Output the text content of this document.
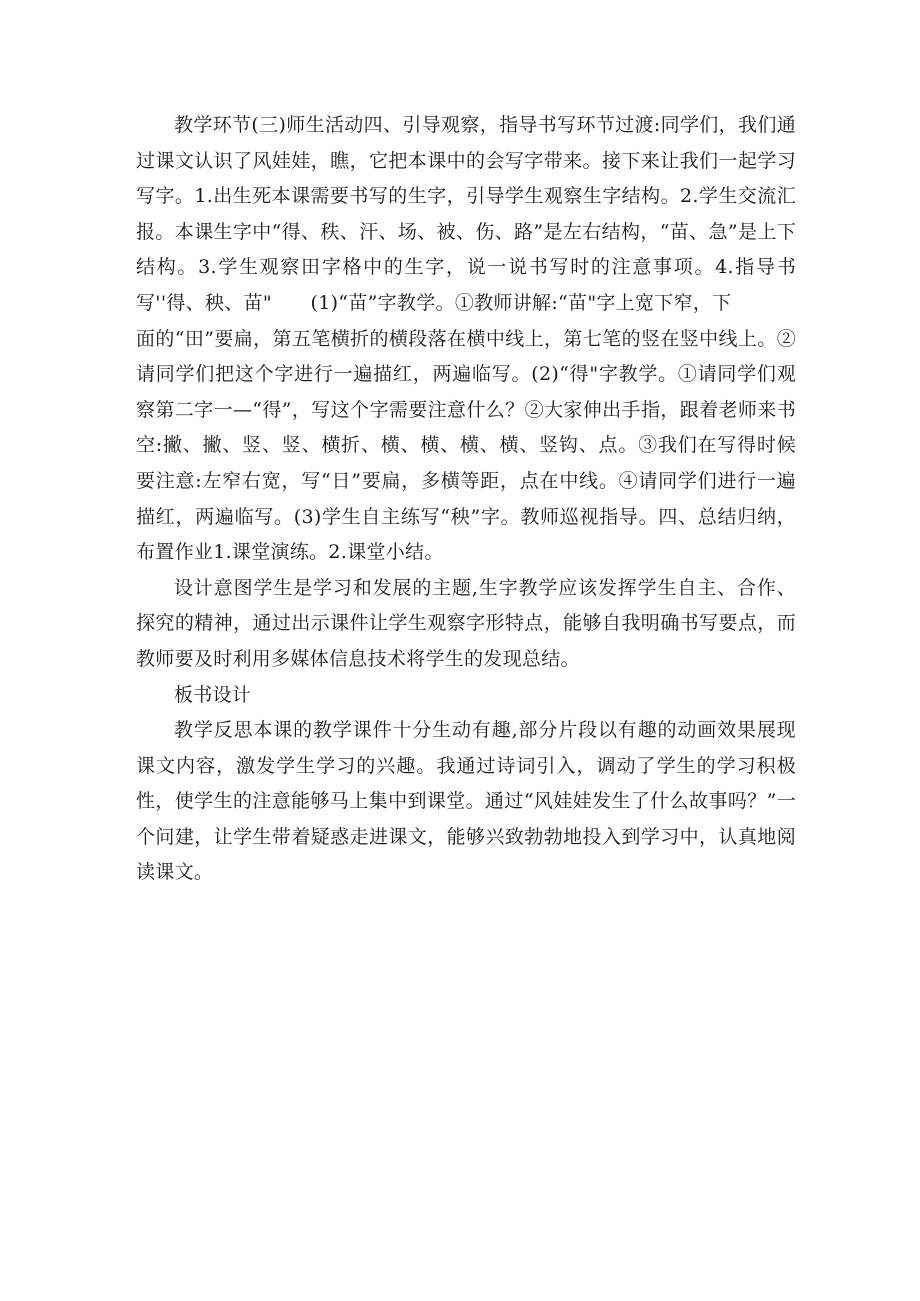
教学环节(三)师生活动四、引导观察，指导书写环节过渡:同学们，我们通过课文认识了风娃娃，瞧，它把本课中的会写字带来。接下来让我们一起学习写字。1.出生死本课需要书写的生字，引导学生观察生字结构。2.学生交流汇报。本课生字中“得、秩、汗、场、被、伤、路”是左右结构，“苗、急”是上下结构。3.学生观察田字格中的生字，说一说书写时的注意事项。4.指导书写''得、秧、苗"　　(1)“苗”字教学。①教师讲解:“苗"字上宽下窄，下
面的“田”要扁，第五笔横折的横段落在横中线上，第七笔的竖在竖中线上。②请同学们把这个字进行一遍描红，两遍临写。(2)“得"字教学。①请同学们观察第二字一—“得”，写这个字需要注意什么？②大家伸出手指，跟着老师来书空:撇、撇、竖、竖、横折、横、横、横、横、竖钩、点。③我们在写得时候要注意:左窄右宽，写“日”要扁，多横等距，点在中线。④请同学们进行一遍描红，两遍临写。(3)学生自主练写“秧”字。教师巡视指导。四、总结归纳，布置作业1.课堂演练。2.课堂小结。

设计意图学生是学习和发展的主题,生字教学应该发挥学生自主、合作、探究的精神，通过出示课件让学生观察字形特点，能够自我明确书写要点，而教师要及时利用多媒体信息技术将学生的发现总结。

板书设计

教学反思本课的教学课件十分生动有趣,部分片段以有趣的动画效果展现课文内容，激发学生学习的兴趣。我通过诗词引入，调动了学生的学习积极性，使学生的注意能够马上集中到课堂。通过“风娃娃发生了什么故事吗？”一个问建，让学生带着疑惑走进课文，能够兴致勃勃地投入到学习中，认真地阅读课文。
